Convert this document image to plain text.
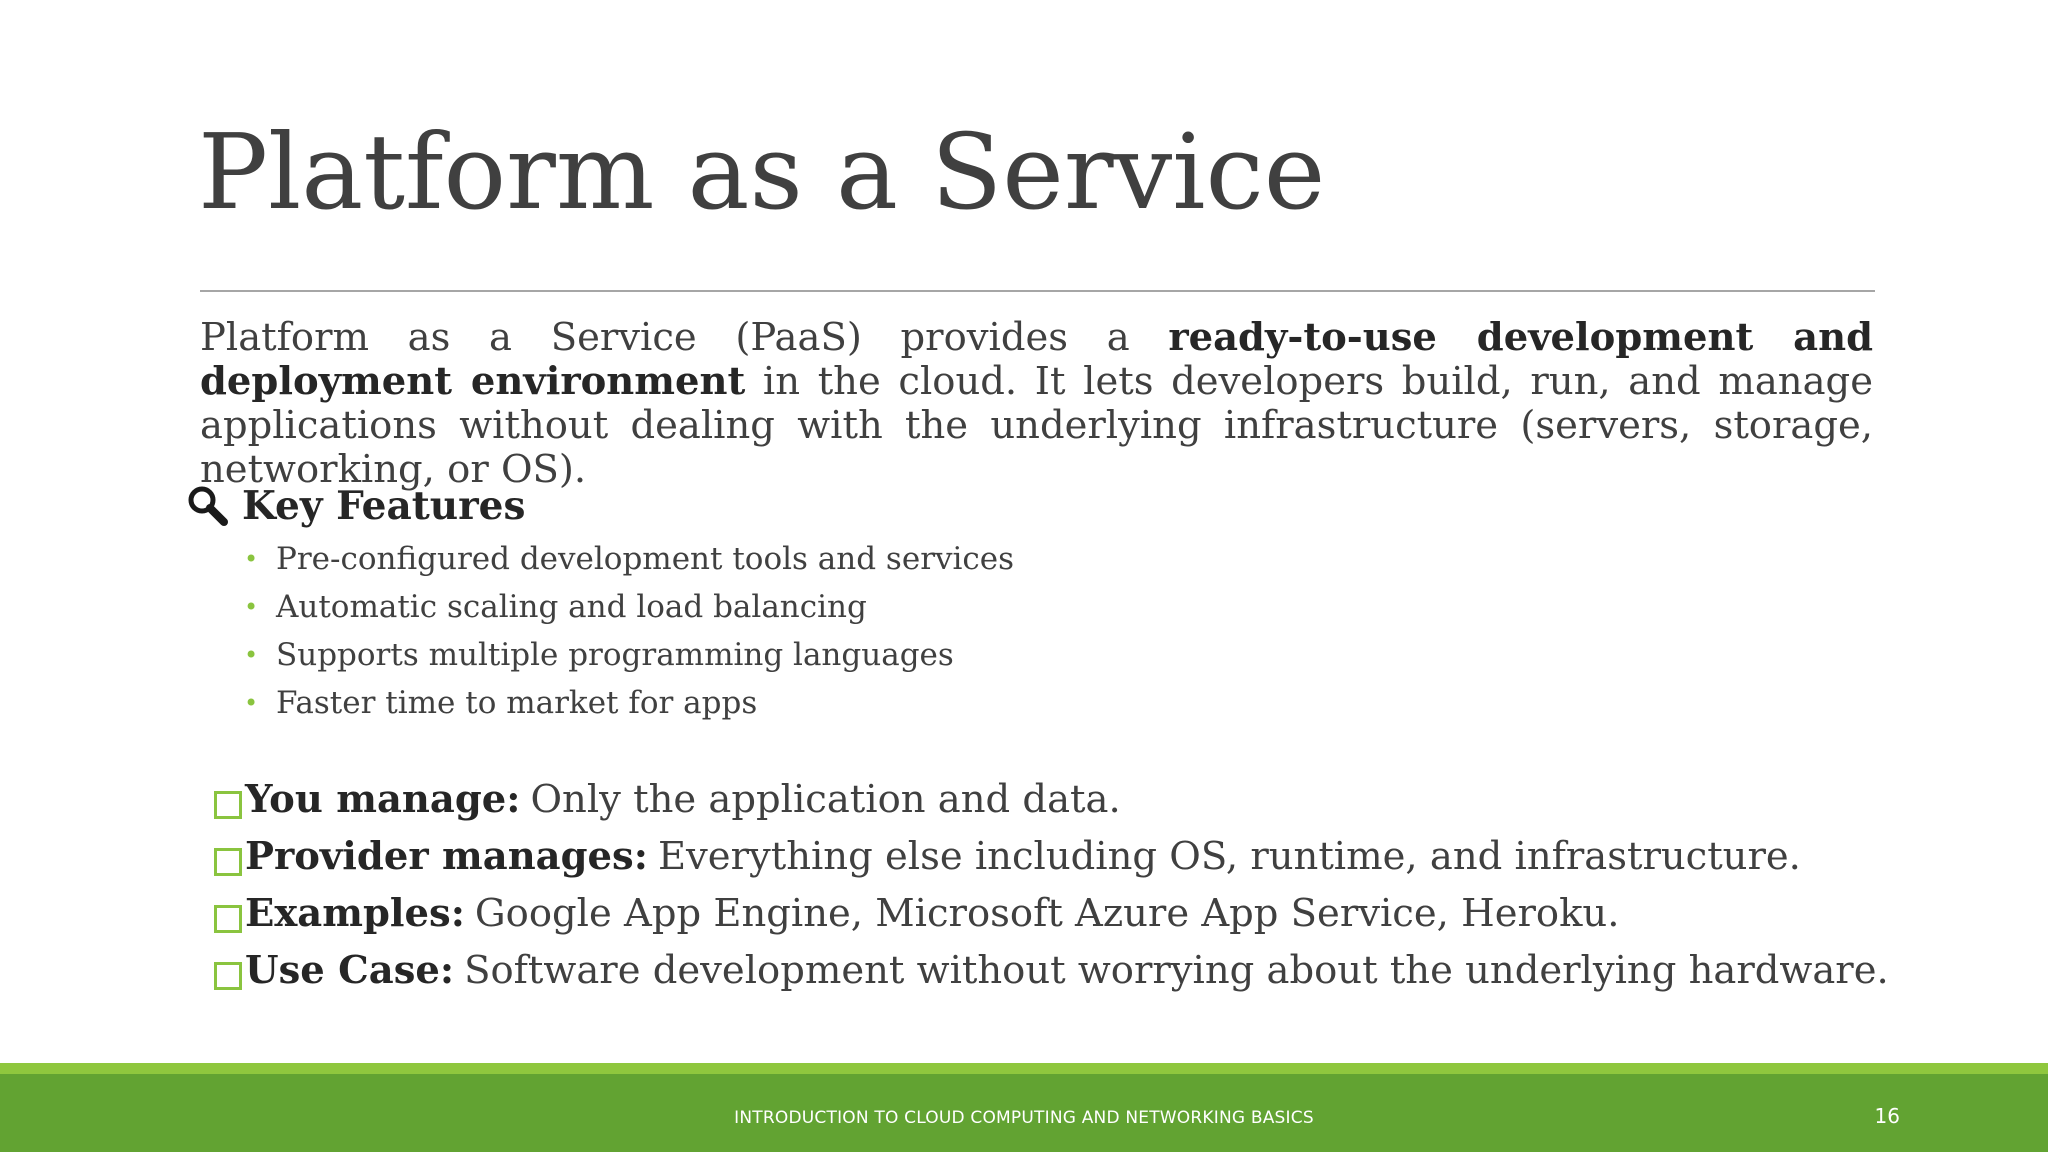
Platform as a Service
Platform as a Service (PaaS) provides a ready-to-use development and deployment environment in the cloud. It lets developers build, run, and manage applications without dealing with the underlying infrastructure (servers, storage, networking, or OS).
Key Features
• Pre-configured development tools and services
• Automatic scaling and load balancing
• Supports multiple programming languages
• Faster time to market for apps
You manage: Only the application and data.
Provider manages: Everything else including OS, runtime, and infrastructure.
Examples: Google App Engine, Microsoft Azure App Service, Heroku.
Use Case: Software development without worrying about the underlying hardware.
INTRODUCTION TO CLOUD COMPUTING AND NETWORKING BASICS	16
